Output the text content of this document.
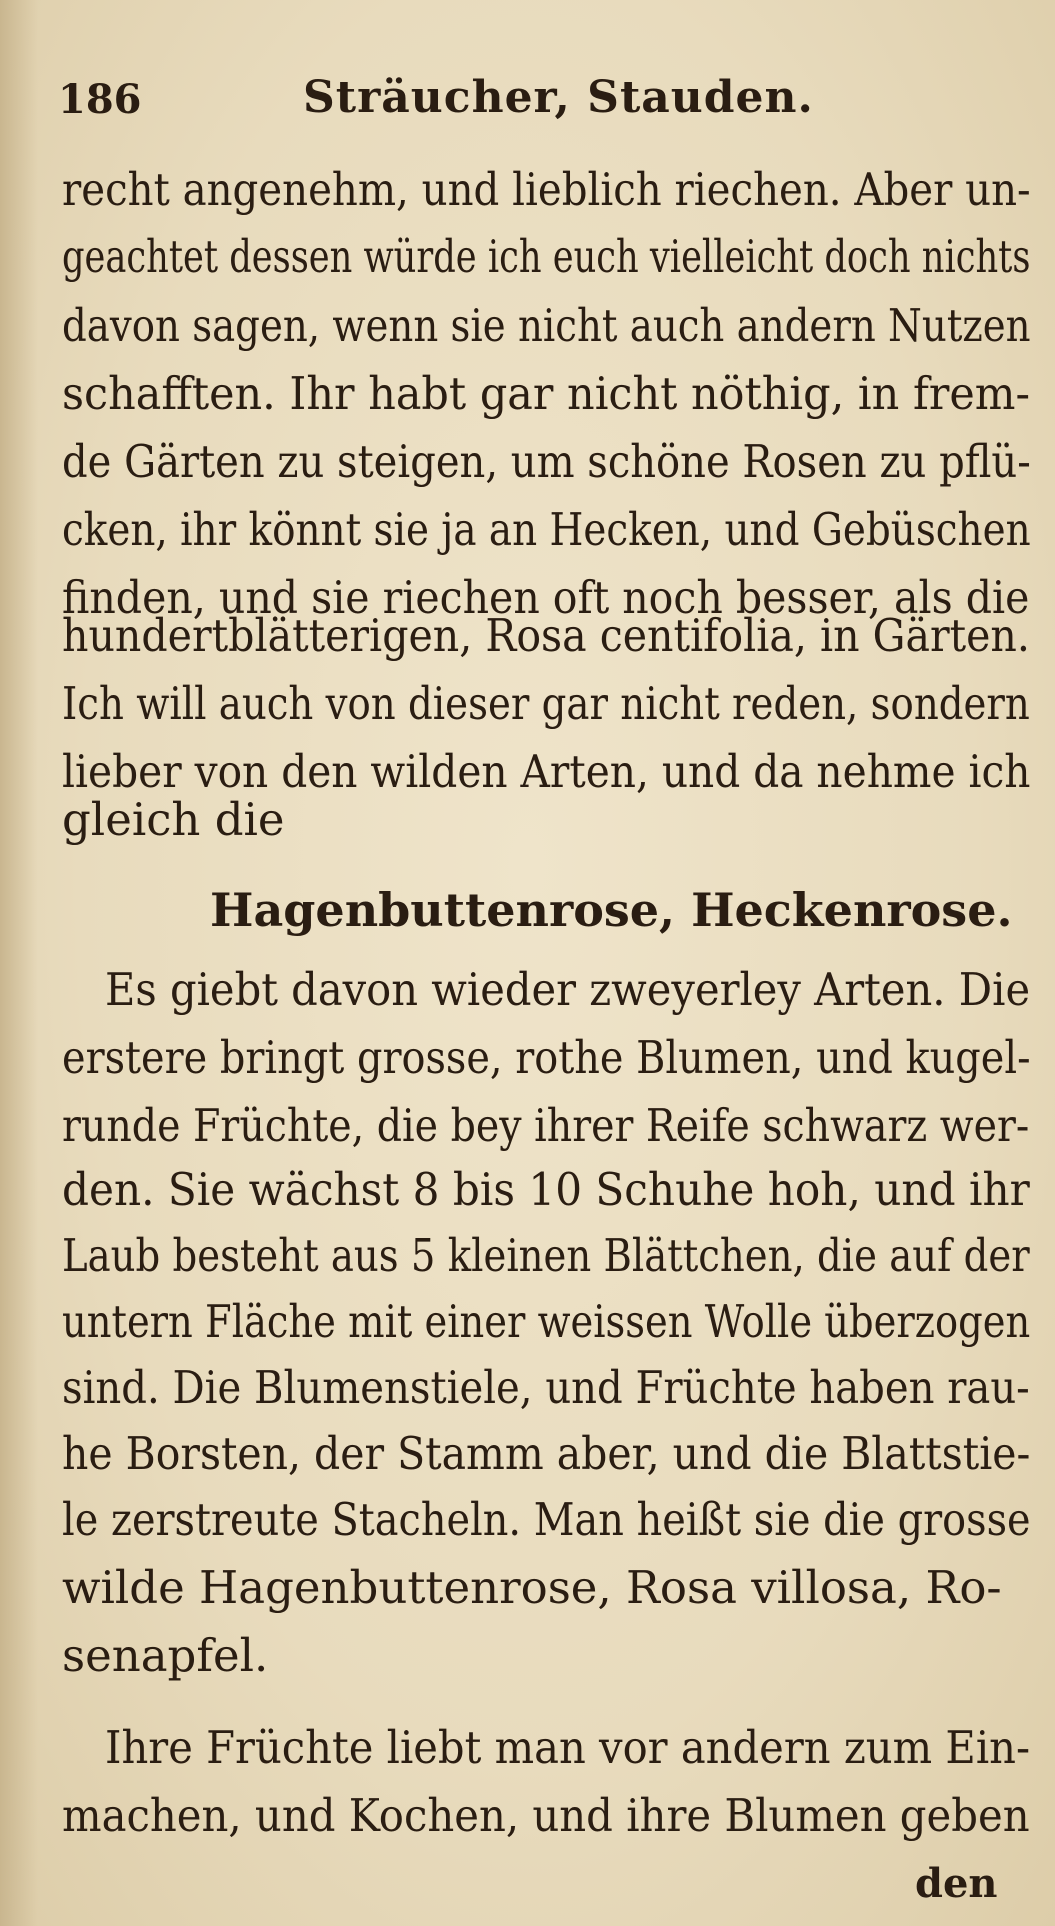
186	Sträucher, Stauden.
recht angenehm, und lieblich riechen. Aber un-
geachtet dessen würde ich euch vielleicht doch nichts
davon sagen, wenn sie nicht auch andern Nutzen
schafften. Ihr habt gar nicht nöthig, in frem-
de Gärten zu steigen, um schöne Rosen zu pflü-
cken, ihr könnt sie ja an Hecken, und Gebüschen
finden, und sie riechen oft noch besser, als die
hundertblätterigen, Rosa centifolia, in Gärten.
Ich will auch von dieser gar nicht reden, sondern
lieber von den wilden Arten, und da nehme ich
gleich die
Hagenbuttenrose, Heckenrose.
Es giebt davon wieder zweyerley Arten. Die
erstere bringt grosse, rothe Blumen, und kugel-
runde Früchte, die bey ihrer Reife schwarz wer-
den. Sie wächst 8 bis 10 Schuhe hoh, und ihr
Laub besteht aus 5 kleinen Blättchen, die auf der
untern Fläche mit einer weissen Wolle überzogen
sind. Die Blumenstiele, und Früchte haben rau-
he Borsten, der Stamm aber, und die Blattstie-
le zerstreute Stacheln. Man heißt sie die grosse
wilde Hagenbuttenrose, Rosa villosa, Ro-
senapfel.
Ihre Früchte liebt man vor andern zum Ein-
machen, und Kochen, und ihre Blumen geben
den
